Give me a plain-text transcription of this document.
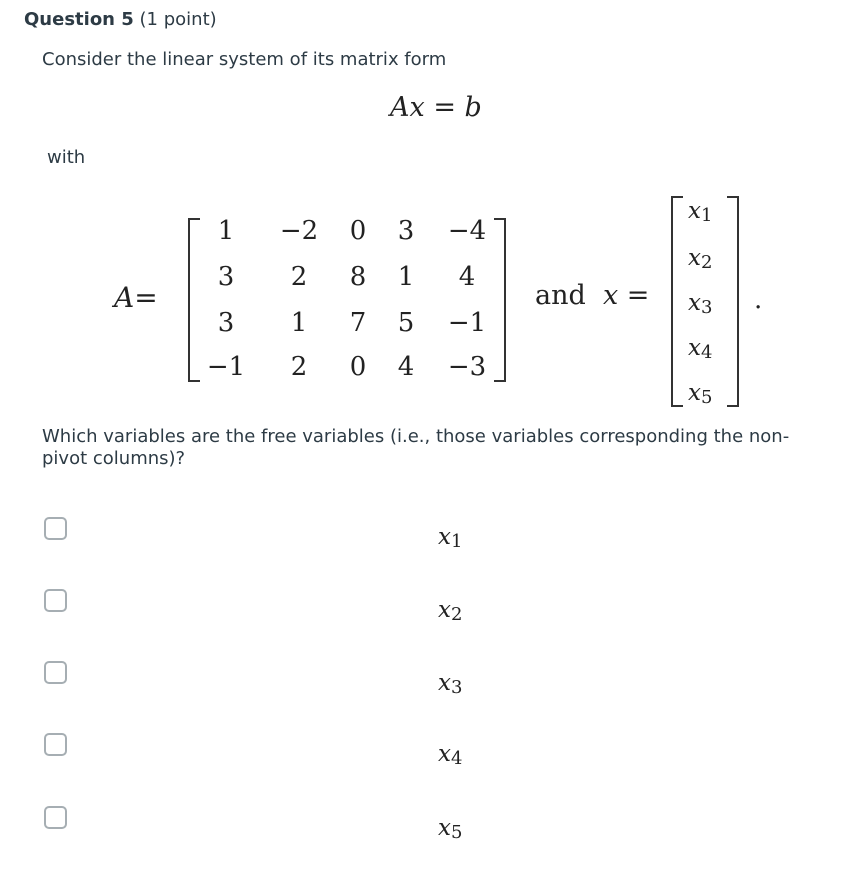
Question 5 (1 point)
Consider the linear system of its matrix form
Ax = b
with
A=
1	−2	0	3	−4
3	2	8	1	4
3	1	7	5	−1
−1	2	0	4	−3
and x =
$x_1$
$x_2$
$x_3$
$x_4$
$x_5$
.
Which variables are the free variables (i.e., those variables corresponding the non-pivot columns)?
$x_1$
$x_2$
$x_3$
$x_4$
$x_5$
